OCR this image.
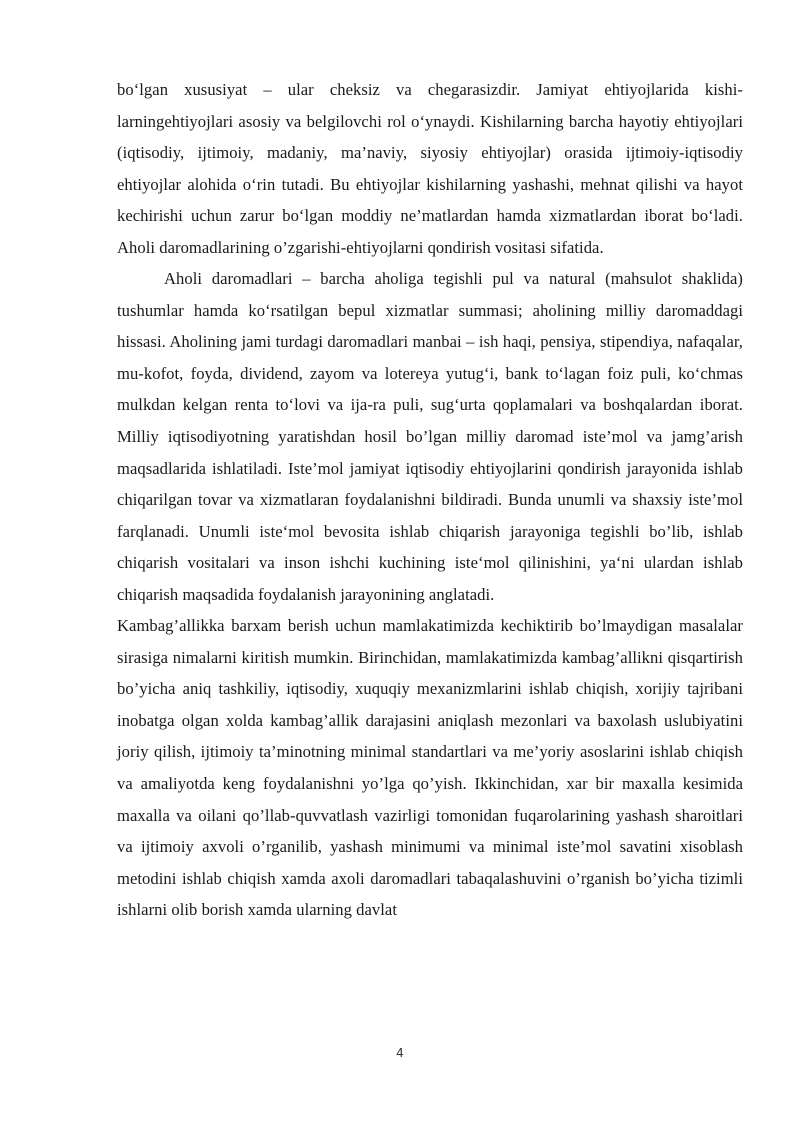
bo‘lgan xususiyat – ular cheksiz va chegarasizdir. Jamiyat ehtiyojlarida kishi-larningehtiyojlari asosiy va belgilovchi rol o‘ynaydi. Kishilarning barcha hayotiy ehtiyojlari (iqtisodiy, ijtimoiy, madaniy, ma’naviy, siyosiy ehtiyojlar) orasida ijtimoiy-iqtisodiy ehtiyojlar alohida o‘rin tutadi. Bu ehtiyojlar kishilarning yashashi, mehnat qilishi va hayot kechirishi uchun zarur bo‘lgan moddiy ne’matlardan hamda xizmatlardan iborat bo‘ladi. Aholi daromadlarining o’zgarishi-ehtiyojlarni qondirish vositasi sifatida.

Aholi daromadlari – barcha aholiga tegishli pul va natural (mahsulot shaklida) tushumlar hamda ko‘rsatilgan bepul xizmatlar summasi; aholining milliy daromaddagi hissasi. Aholining jami turdagi daromadlari manbai – ish haqi, pensiya, stipendiya, nafaqalar, mu-kofot, foyda, dividend, zayom va lotereya yutug‘i, bank to‘lagan foiz puli, ko‘chmas mulkdan kelgan renta to‘lovi va ija-ra puli, sug‘urta qoplamalari va boshqalardan iborat.       Milliy iqtisodiyotning yaratishdan hosil bo’lgan milliy daromad iste’mol va jamg’arish maqsadlarida ishlatiladi. Iste’mol jamiyat iqtisodiy ehtiyojlarini qondirish jarayonida ishlab chiqarilgan tovar va xizmatlaran foydalanishni bildiradi. Bunda unumli va shaxsiy iste’mol farqlanadi. Unumli iste‘mol bevosita ishlab chiqarish jarayoniga tegishli bo’lib, ishlab chiqarish vositalari va inson ishchi kuchining iste‘mol qilinishini, ya‘ni ulardan ishlab chiqarish maqsadida foydalanish jarayonining anglatadi.

Kambag’allikka barxam berish uchun mamlakatimizda kechiktirib bo’lmaydigan masalalar sirasiga nimalarni kiritish mumkin. Birinchidan, mamlakatimizda kambag’allikni qisqartirish bo’yicha aniq tashkiliy, iqtisodiy, xuquqiy mexanizmlarini ishlab chiqish, xorijiy tajribani inobatga olgan xolda kambag’allik darajasini aniqlash mezonlari va baxolash uslubiyatini joriy qilish, ijtimoiy ta’minotning minimal standartlari va me’yoriy asoslarini ishlab chiqish va amaliyotda keng foydalanishni yo’lga qo’yish. Ikkinchidan, xar bir maxalla kesimida maxalla va oilani qo’llab-quvvatlash vazirligi tomonidan fuqarolarining yashash sharoitlari va ijtimoiy axvoli o’rganilib, yashash minimumi va minimal iste’mol savatini xisoblash metodini ishlab chiqish xamda axoli daromadlari tabaqalashuvini o’rganish bo’yicha tizimli ishlarni olib borish xamda ularning davlat

4
